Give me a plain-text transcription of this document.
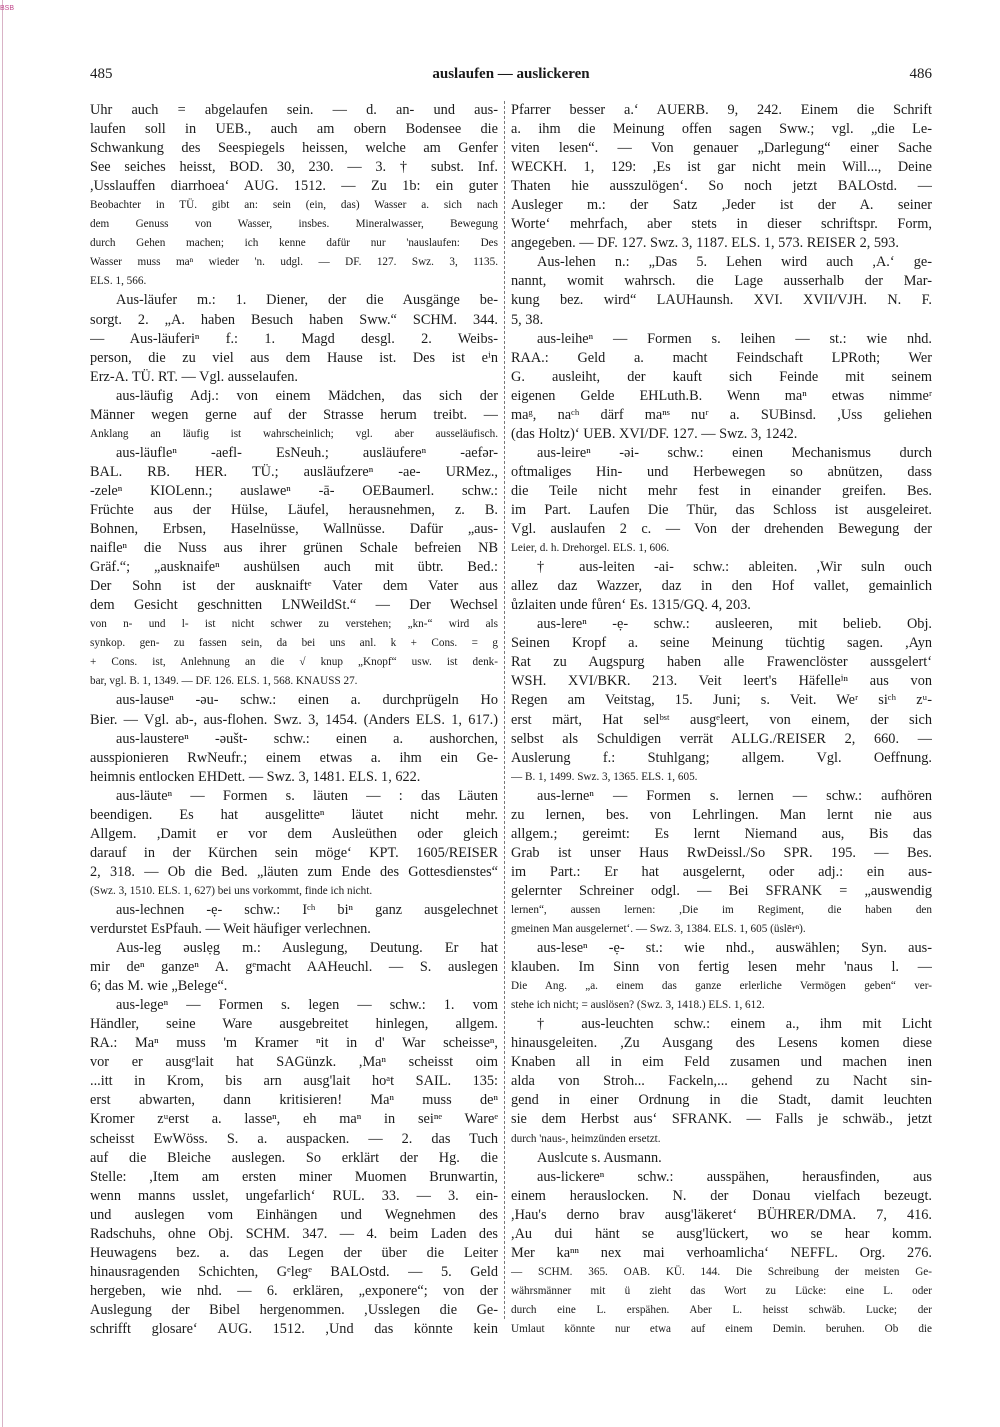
BSB
485	auslaufen — auslickeren	486
Uhr auch = abgelaufen sein. — d. an- und aus-
laufen soll in UEB., auch am obern Bodensee die
Schwankung des Seespiegels heissen, welche am Genfer
See seiches heisst, BOD. 30, 230. — 3. † subst. Inf.
,Usslauffen diarrhoea‘ AUG. 1512. — Zu 1b: ein guter
Beobachter in TÜ. gibt an: sein (ein, das) Wasser a. sich nach
dem Genuss von Wasser, insbes. Mineralwasser, Bewegung
durch Gehen machen; ich kenne dafür nur 'nauslaufen: Des
Wasser muss maⁿ wieder 'n. udgl. — DF. 127. Swz. 3, 1135.
ELS. 1, 566.
Aus-läufer m.: 1. Diener, der die Ausgänge be-
sorgt. 2. „A. haben Besuch haben Sww.“ SCHM. 344.
— Aus-läuferiⁿ f.: 1. Magd desgl. 2. Weibs-
person, die zu viel aus dem Hause ist. Des ist eⁱn
Erz-A. TÜ. RT. — Vgl. ausselaufen.
aus-läufig Adj.: von einem Mädchen, das sich der
Männer wegen gerne auf der Strasse herum treibt. —
Anklang an läufig ist wahrscheinlich; vgl. aber ausseläufisch.
aus-läufleⁿ -aefl- EsNeuh.; ausläufereⁿ -aefər-
BAL. RB. HER. TÜ.; ausläufzereⁿ -ae- URMez.,
-zeleⁿ KIOLenn.; auslaweⁿ -ā- OEBaumerl. schw.:
Früchte aus der Hülse, Läufel, herausnehmen, z. B.
Bohnen, Erbsen, Haselnüsse, Wallnüsse. Dafür „aus-
naifleⁿ die Nuss aus ihrer grünen Schale befreien NB
Gräf.“; „ausknaifeⁿ aushülsen auch mit übtr. Bed.:
Der Sohn ist der ausknaiftᵉ Vater dem Vater aus
dem Gesicht geschnitten LNWeildSt.“ — Der Wechsel
von n- und l- ist nicht schwer zu verstehen; „kn-“ wird als
synkop. gen- zu fassen sein, da bei uns anl. k + Cons. = g
+ Cons. ist, Anlehnung an die √ knup „Knopf“ usw. ist denk-
bar, vgl. B. 1, 1349. — DF. 126. ELS. 1, 568. KNAUSS 27.
aus-lauseⁿ -əu- schw.: einen a. durchprügeln Ho
Bier. — Vgl. ab-, aus-flohen. Swz. 3, 1454. (Anders ELS. 1, 617.)
aus-laustereⁿ -əušt- schw.: einen a. aushorchen,
ausspionieren RwNeufr.; einem etwas a. ihm ein Ge-
heimnis entlocken EHDett. — Swz. 3, 1481. ELS. 1, 622.
aus-läuteⁿ — Formen s. läuten — : das Läuten
beendigen. Es hat ausgelitteⁿ läutet nicht mehr.
Allgem. ,Damit er vor dem Ausleüthen oder gleich
darauf in der Kürchen sein möge‘ KPT. 1605/REISER
2, 318. — Ob die Bed. „läuten zum Ende des Gottesdienstes“
(Swz. 3, 1510. ELS. 1, 627) bei uns vorkommt, finde ich nicht.
aus-lechnen -ẹ- schw.: Iᶜʰ biⁿ ganz ausgelechnet
verdurstet EsPfauh. — Weit häufiger verlechnen.
Aus-leg əuslẹg m.: Auslegung, Deutung. Er hat
mir deⁿ ganzeⁿ A. gᵉmacht AAHeuchl. — S. auslegen
6; das M. wie „Belege“.
aus-legeⁿ — Formen s. legen — schw.: 1. vom
Händler, seine Ware ausgebreitet hinlegen, allgem.
RA.: Maⁿ muss 'm Kramer ⁿit in d' War scheisseⁿ,
vor er ausgᵉlait hat SAGünzk. ,Maⁿ scheisst oim
...itt in Krom, bis arn ausg'lait hoᵃt SAIL. 135:
erst abwarten, dann kritisieren! Maⁿ muss deⁿ
Kromer zᵘerst a. lasseⁿ, eh maⁿ in seiⁿᵉ Wareᵉ
scheisst EwWöss. S. a. auspacken. — 2. das Tuch
auf die Bleiche auslegen. So erklärt der Hg. die
Stelle: ,Item am ersten miner Muomen Brunwartin,
wenn manns usslet, ungefarlich‘ RUL. 33. — 3. ein-
und auslegen vom Einhängen und Wegnehmen des
Radschuhs, ohne Obj. SCHM. 347. — 4. beim Laden des
Heuwagens bez. a. das Legen der über die Leiter
hinausragenden Schichten, Gᵉlegᵉ BALOstd. — 5. Geld
hergeben, wie nhd. — 6. erklären, „exponere“; von der
Auslegung der Bibel hergenommen. ,Usslegen die Ge-
schrifft glosare‘ AUG. 1512. ,Und das könnte kein
Pfarrer besser a.‘ AUERB. 9, 242. Einem die Schrift
a. ihm die Meinung offen sagen Sww.; vgl. „die Le-
viten lesen“. — Von genauer „Darlegung“ einer Sache
WECKH. 1, 129: ,Es ist gar nicht mein Will..., Deine
Thaten hie ausszulögen‘. So noch jetzt BALOstd. —
Ausleger m.: der Satz ,Jeder ist der A. seiner
Worte‘ mehrfach, aber stets in dieser schriftspr. Form,
angegeben. — DF. 127. Swz. 3, 1187. ELS. 1, 573. REISER 2, 593.
Aus-lehen n.: „Das 5. Lehen wird auch ,A.‘ ge-
nannt, womit wahrsch. die Lage ausserhalb der Mar-
kung bez. wird“ LAUHaunsh. XVI. XVII/VJH. N. F.
5, 38.
aus-leiheⁿ — Formen s. leihen — st.: wie nhd.
RAA.: Geld a. macht Feindschaft LPRoth; Wer
G. ausleiht, der kauft sich Feinde mit seinem
eigenen Gelde EHLuth.B. Wenn maⁿ etwas nimmeʳ
maᵍ, naᶜʰ därf maⁿˢ nuʳ a. SUBinsd. ,Uss geliehen
(das Holtz)‘ UEB. XVI/DF. 127. — Swz. 3, 1242.
aus-leireⁿ -əi- schw.: einen Mechanismus durch
oftmaliges Hin- und Herbewegen so abnützen, dass
die Teile nicht mehr fest in einander greifen. Bes.
im Part. Laufen Die Thür, das Schloss ist ausgeleiret.
Vgl. auslaufen 2 c. — Von der drehenden Bewegung der
Leier, d. h. Drehorgel. ELS. 1, 606.
† aus-leiten -ai- schw.: ableiten. ,Wir suln ouch
allez daz Wazzer, daz in den Hof vallet, gemainlich
ůzlaiten unde fůren‘ Es. 1315/GQ. 4, 203.
aus-lereⁿ -ẹ- schw.: ausleeren, mit belieb. Obj.
Seinen Kropf a. seine Meinung tüchtig sagen. ,Ayn
Rat zu Augspurg haben alle Frawenclöster aussgelert‘
WSH. XVI/BKR. 213. Veit leert's Häfelleⁱⁿ aus von
Regen am Veitstag, 15. Juni; s. Veit. Weʳ siᶜʰ zᵘ-
erst märt, Hat selᵇˢᵗ ausgᵉleert, von einem, der sich
selbst als Schuldigen verrät ALLG./REISER 2, 660. —
Auslerung f.: Stuhlgang; allgem. Vgl. Oeffnung.
— B. 1, 1499. Swz. 3, 1365. ELS. 1, 605.
aus-lerneⁿ — Formen s. lernen — schw.: aufhören
zu lernen, bes. von Lehrlingen. Man lernt nie aus
allgem.; gereimt: Es lernt Niemand aus, Bis das
Grab ist unser Haus RwDeissl./So SPR. 195. — Bes.
im Part.: Er hat ausgelernt, oder adj.: ein aus-
gelernter Schreiner odgl. — Bei SFRANK = „auswendig
lernen“, aussen lernen: ,Die im Regiment, die haben den
gmeinen Man ausgelernet‘. — Swz. 3, 1384. ELS. 1, 605 (üslērⁿ).
aus-leseⁿ -ẹ- st.: wie nhd., auswählen; Syn. aus-
klauben. Im Sinn von fertig lesen mehr 'naus l. —
Die Ang. „a. einem das ganze erlerliche Vermögen geben“ ver-
stehe ich nicht; = auslösen? (Swz. 3, 1418.) ELS. 1, 612.
† aus-leuchten schw.: einem a., ihm mit Licht
hinausgeleiten. ,Zu Ausgang des Lesens komen diese
Knaben all in eim Feld zusamen und machen inen
alda von Stroh... Fackeln,... gehend zu Nacht sin-
gend in einer Ordnung in die Stadt, damit leuchten
sie dem Herbst aus‘ SFRANK. — Falls je schwäb., jetzt
durch 'naus-, heimzünden ersetzt.
Auslcute s. Ausmann.
aus-lickereⁿ schw.: ausspähen, herausfinden, aus
einem herauslocken. N. der Donau vielfach bezeugt.
,Hau's derno brav ausg'läkeret‘ BÜHRER/DMA. 7, 416.
,Au dui hänt se ausg'lückert, wo se hear komm.
Mer kaⁿⁿ nex mai verhoamlicha‘ NEFFL. Org. 276.
— SCHM. 365. OAB. KÜ. 144. Die Schreibung der meisten Ge-
währsmänner mit ü zieht das Wort zu Lücke: eine L. oder
durch eine L. erspähen. Aber L. heisst schwäb. Lucke; der
Umlaut könnte nur etwa auf einem Demin. beruhen. Ob die
